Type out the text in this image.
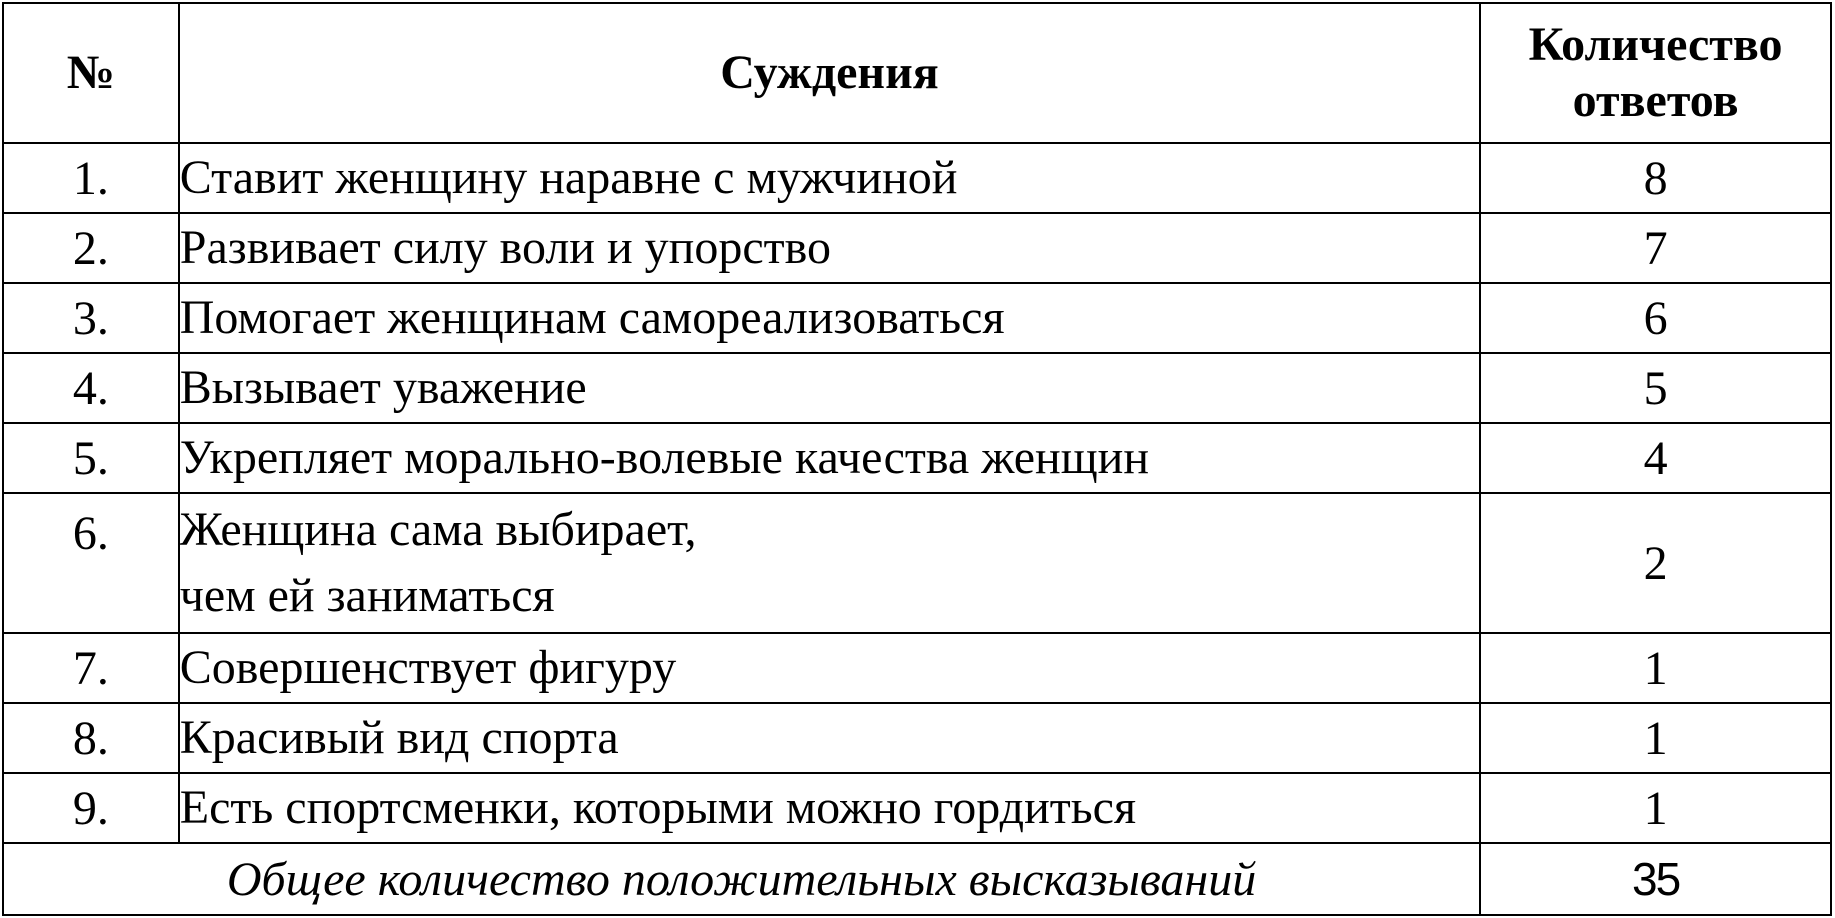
№	Суждения	Количество
ответов

1.	Ставит женщину наравне с мужчиной	8
2.	Развивает силу воли и упорство	7
3.	Помогает женщинам самореализоваться	6
4.	Вызывает уважение	5
5.	Укрепляет морально-волевые качества женщин	4
6.	Женщина сама выбирает,
чем ей заниматься	2
7.	Совершенствует фигуру	1
8.	Красивый вид спорта	1
9.	Есть спортсменки, которыми можно гордиться	1
Общее количество положительных высказываний		35
